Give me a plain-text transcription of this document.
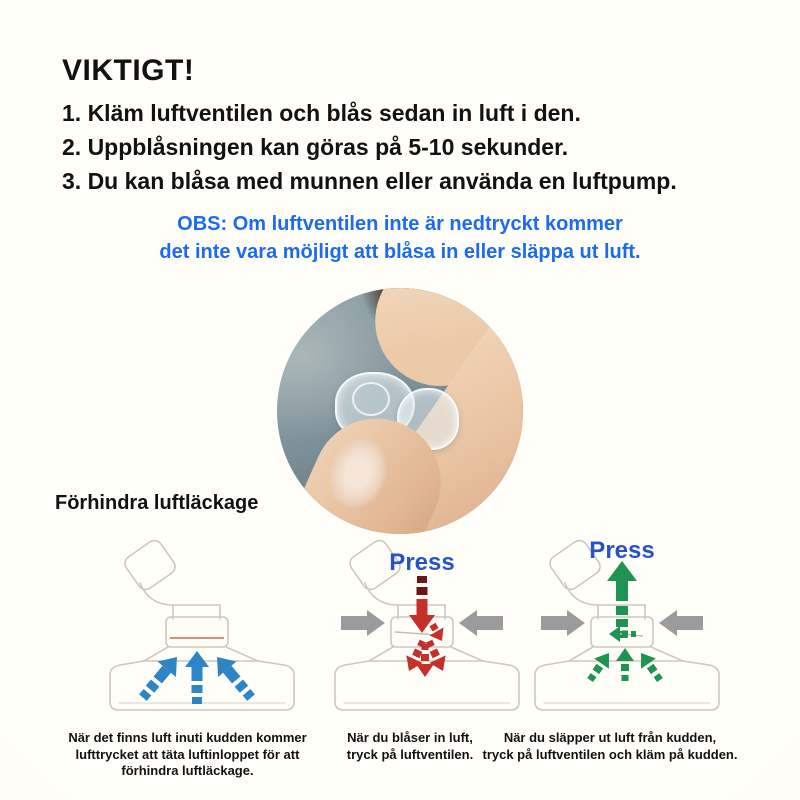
VIKTIGT!
1. Kläm luftventilen och blås sedan in luft i den.
2. Uppblåsningen kan göras på 5-10 sekunder.
3. Du kan blåsa med munnen eller använda en luftpump.
OBS: Om luftventilen inte är nedtryckt kommer
det inte vara möjligt att blåsa in eller släppa ut luft.
Förhindra luftläckage
Press	Press
När det finns luft inuti kudden kommer
lufttrycket att täta luftinloppet för att
förhindra luftläckage.
När du blåser in luft,
tryck på luftventilen.
När du släpper ut luft från kudden,
tryck på luftventilen och kläm på kudden.
